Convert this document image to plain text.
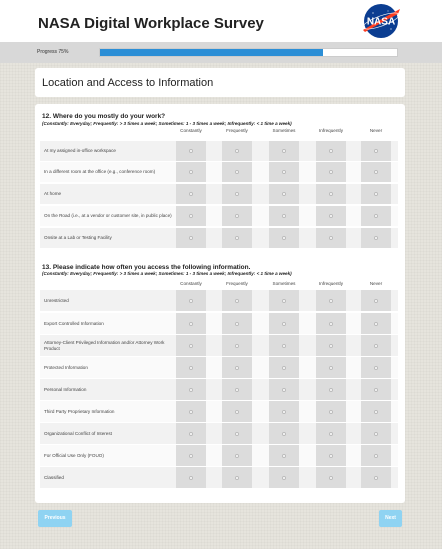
NASA Digital Workplace Survey	NASA
Progress 75%
Location and Access to Information
12. Where do you mostly do your work?
(Constantly: Everyday; Frequently: > 3 times a week; Sometimes: 1 - 3 times a week; Infrequently: < 1 time a week)
Constantly	Frequently	Sometimes	Infrequently	Never
At my assigned in-office workspace
In a different room at the office (e.g., conference room)
At home
On the Road (i.e., at a vendor or customer site, in public place)
Onsite at a Lab or Testing Facility
13. Please indicate how often you access the following information.
(Constantly: Everyday; Frequently: > 3 times a week; Sometimes: 1 - 3 times a week; Infrequently: < 1 time a week)
Constantly	Frequently	Sometimes	Infrequently	Never
Unrestricted
Export Controlled Information
Attorney-Client Privileged Information and/or Attorney Work Product
Protected Information
Personal Information
Third Party Proprietary Information
Organizational Conflict of Interest
For Official Use Only (FOUO)
Classified
Previous	Next
